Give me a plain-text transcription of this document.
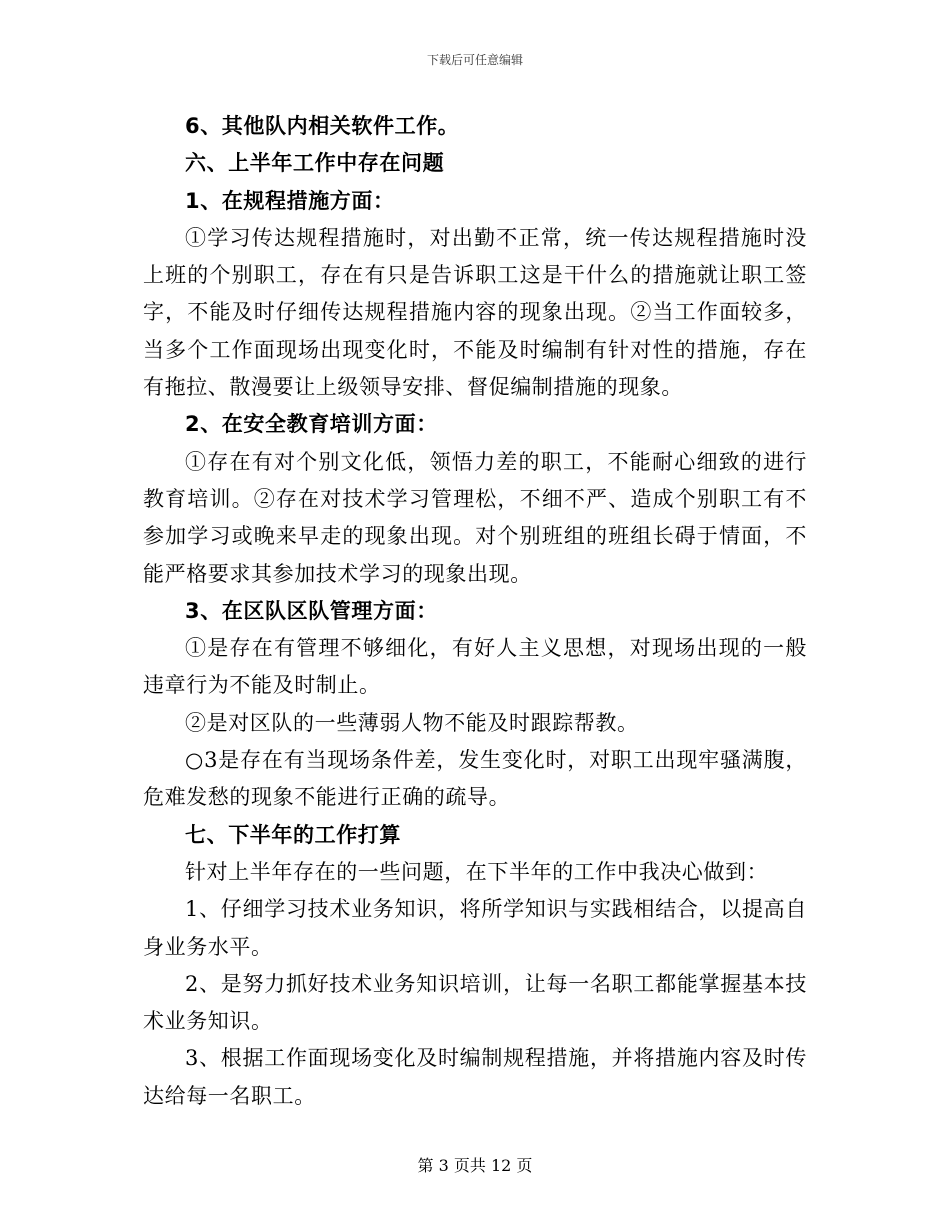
下载后可任意编辑

6、其他队内相关软件工作。

六、上半年工作中存在问题

1、在规程措施方面：

①学习传达规程措施时，对出勤不正常，统一传达规程措施时没上班的个别职工，存在有只是告诉职工这是干什么的措施就让职工签字，不能及时仔细传达规程措施内容的现象出现。②当工作面较多，当多个工作面现场出现变化时，不能及时编制有针对性的措施，存在有拖拉、散漫要让上级领导安排、督促编制措施的现象。

2、在安全教育培训方面：

①存在有对个别文化低，领悟力差的职工，不能耐心细致的进行教育培训。②存在对技术学习管理松，不细不严、造成个别职工有不参加学习或晚来早走的现象出现。对个别班组的班组长碍于情面，不能严格要求其参加技术学习的现象出现。

3、在区队区队管理方面：

①是存在有管理不够细化，有好人主义思想，对现场出现的一般违章行为不能及时制止。

②是对区队的一些薄弱人物不能及时跟踪帮教。

○3是存在有当现场条件差，发生变化时，对职工出现牢骚满腹，危难发愁的现象不能进行正确的疏导。

七、下半年的工作打算

针对上半年存在的一些问题，在下半年的工作中我决心做到：

1、仔细学习技术业务知识，将所学知识与实践相结合，以提高自身业务水平。

2、是努力抓好技术业务知识培训，让每一名职工都能掌握基本技术业务知识。

3、根据工作面现场变化及时编制规程措施，并将措施内容及时传达给每一名职工。

第 3 页共 12 页
